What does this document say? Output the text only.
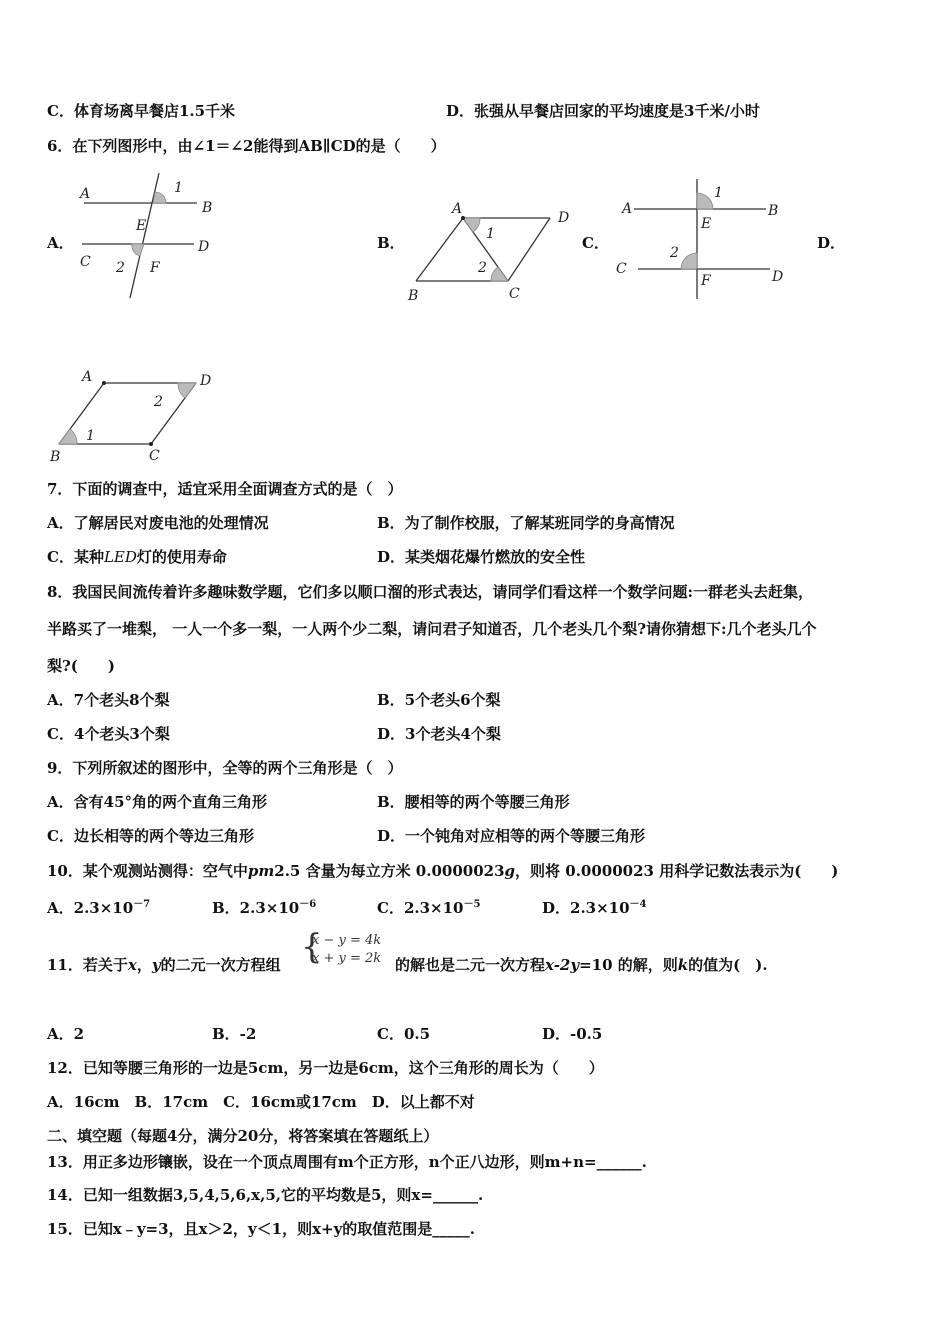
C．体育场离早餐店1.5千米	D．张强从早餐店回家的平均速度是3千米/小时
6．在下列图形中，由∠1＝∠2能得到AB∥CD的是（　　）
A．
A
B
C
D
E
F
1
2
B．
A
B	C
D
1
2
C．
A	B
C	D
E
F
1
2
D．
A
B	C
D
1
2
7．下面的调查中，适宜采用全面调查方式的是（　）
A．了解居民对废电池的处理情况	B．为了制作校服，了解某班同学的身高情况
C．某种LED灯的使用寿命	D．某类烟花爆竹燃放的安全性
8．我国民间流传着许多趣味数学题，它们多以顺口溜的形式表达，请同学们看这样一个数学问题:一群老头去赶集，
半路买了一堆梨， 一人一个多一梨，一人两个少二梨，请问君子知道否，几个老头几个梨?请你猜想下:几个老头几个
梨?(　　)
A．7个老头8个梨	B．5个老头6个梨
C．4个老头3个梨	D．3个老头4个梨
9．下列所叙述的图形中，全等的两个三角形是（　）
A．含有45°角的两个直角三角形	B．腰相等的两个等腰三角形
C．边长相等的两个等边三角形	D．一个钝角对应相等的两个等腰三角形
10．某个观测站测得：空气中pm2.5 含量为每立方米 0.0000023g，则将 0.0000023 用科学记数法表示为(　　)
A．$2.3\times 10^{-7}$	B．$2.3\times 10^{-6}$	C．$2.3\times 10^{-5}$	D．$2.3\times 10^{-4}$
11．若关于x，y的二元一次方程组 {
x − y = 4k
x + y = 2k 的解也是二元一次方程x-2y=10 的解，则k的值为(　).
A．2	B．-2	C．0.5	D．-0.5
12．已知等腰三角形的一边是5cm，另一边是6cm，这个三角形的周长为（　　）
A．16cm　B．17cm　C．16cm或17cm　D．以上都不对
二、填空题（每题4分，满分20分，将答案填在答题纸上）
13．用正多边形镶嵌，设在一个顶点周围有m个正方形，n个正八边形，则m+n=______.
14．已知一组数据3,5,4,5,6,x,5,它的平均数是5，则x=______.
15．已知x﹣y=3，且x＞2，y＜1，则x+y的取值范围是_____.
